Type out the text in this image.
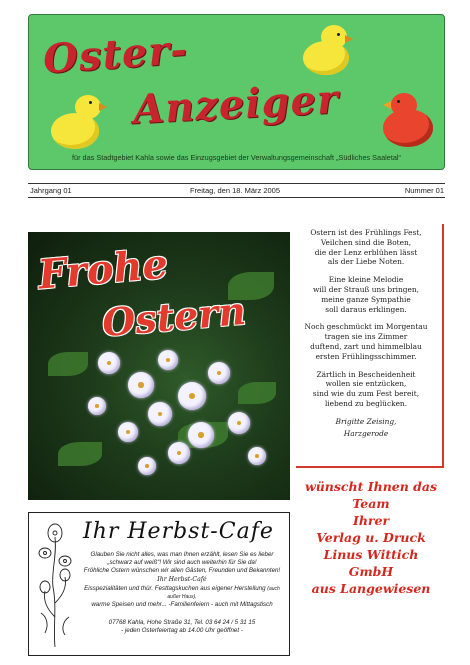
Oster-
Anzeiger
für das Stadtgebiet Kahla sowie das Einzugsgebiet der Verwaltungsgemeinschaft „Südliches Saaletal“
Jahrgang 01	Freitag, den 18. März 2005	Nummer 01
Frohe
Ostern
Ostern ist des Frühlings Fest,
Veilchen sind die Boten,
die der Lenz erblühen lässt
als der Liebe Noten.
Eine kleine Melodie
will der Strauß uns bringen,
meine ganze Sympathie
soll daraus erklingen.
Noch geschmückt im Morgentau
tragen sie ins Zimmer
duftend, zart und himmelblau
ersten Frühlingsschimmer.
Zärtlich in Bescheidenheit
wollen sie entzücken,
sind wie du zum Fest bereit,
liebend zu beglücken.
Brigitte Zeising,
Harzgerode
wünscht Ihnen das
Team
Ihrer
Verlag u. Druck
Linus Wittich
GmbH
aus Langewiesen
Ihr Herbst-Cafe
Glauben Sie nicht alles, was man Ihnen erzählt, lesen Sie es lieber
„schwarz auf weiß“! Wir sind auch weiterhin für Sie da!
Fröhliche Ostern wünschen wir allen Gästen, Freunden und Bekannten! Ihr Herbst-Café
Eisspezialitäten und thür. Festtagskuchen aus eigener Herstellung (auch außer Haus),
warme Speisen und mehr... -Familienfeiern - auch mit Mittagstisch
07768 Kahla, Hohe Straße 31, Tel. 03 64 24 / 5 31 15
- jeden Osterfeiertag ab 14.00 Uhr geöffnet -
